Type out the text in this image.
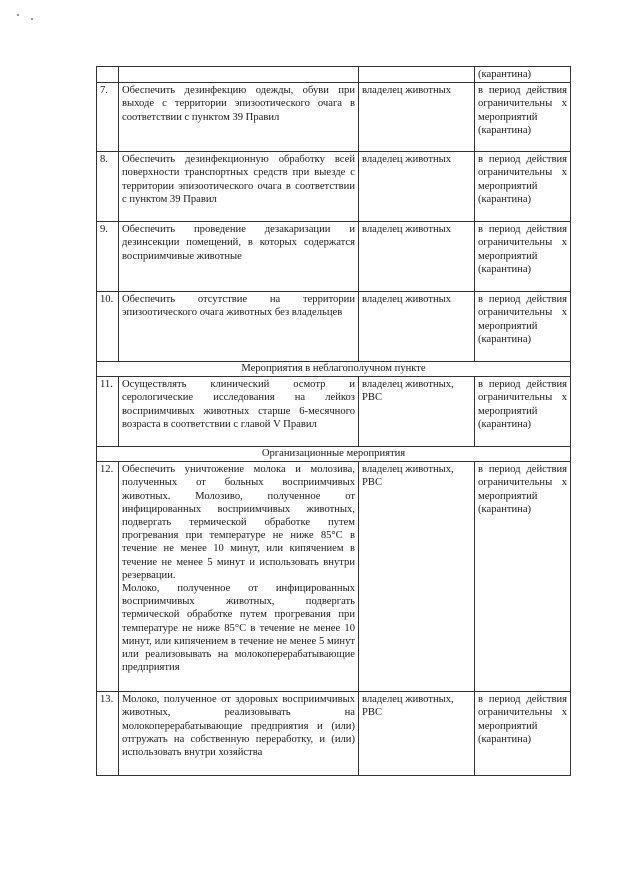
			(карантина)
7.	Обеспечить дезинфекцию одежды, обуви при выходе с территории эпизоотического очага в соответствии с пунктом 39 Правил	владелец животных	в период действия ограничительны х мероприятий (карантина)
8.	Обеспечить дезинфекционную обработку всей поверхности транспортных средств при выезде с территории эпизоотического очага в соответствии с пунктом 39 Правил	владелец животных	в период действия ограничительны х мероприятий (карантина)
9.	Обеспечить проведение дезакаризации и дезинсекции помещений, в которых содержатся восприимчивые животные	владелец животных	в период действия ограничительны х мероприятий (карантина)
10.	Обеспечить отсутствие на территории эпизоотического очага животных без владельцев	владелец животных	в период действия ограничительны х мероприятий (карантина)
Мероприятия в неблагополучном пункте			
11.	Осуществлять клинический осмотр и серологические исследования на лейкоз восприимчивых животных старше 6-месячного возраста в соответствии с главой V Правил	владелец животных, РВС	в период действия ограничительны х мероприятий (карантина)
Организационные мероприятия			
12.	Обеспечить уничтожение молока и молозива, полученных от больных восприимчивых животных. Молозиво, полученное от инфицированных восприимчивых животных, подвергать термической обработке путем прогревания при температуре не ниже 85°С в течение не менее 10 минут, или кипячением в течение не менее 5 минут и использовать внутри резервации.
Молоко, полученное от инфицированных восприимчивых животных, подвергать термической обработке путем прогревания при температуре не ниже 85°С в течение не менее 10 минут, или кипячением в течение не менее 5 минут или реализовывать на молокоперерабатывающие предприятия	владелец животных, РВС	в период действия ограничительны х мероприятий (карантина)
13.	Молоко, полученное от здоровых восприимчивых животных, реализовывать на молокоперерабатывающие предприятия и (или) отгружать на собственную переработку, и (или) использовать внутри хозяйства	владелец животных, РВС	в период действия ограничительны х мероприятий (карантина)
